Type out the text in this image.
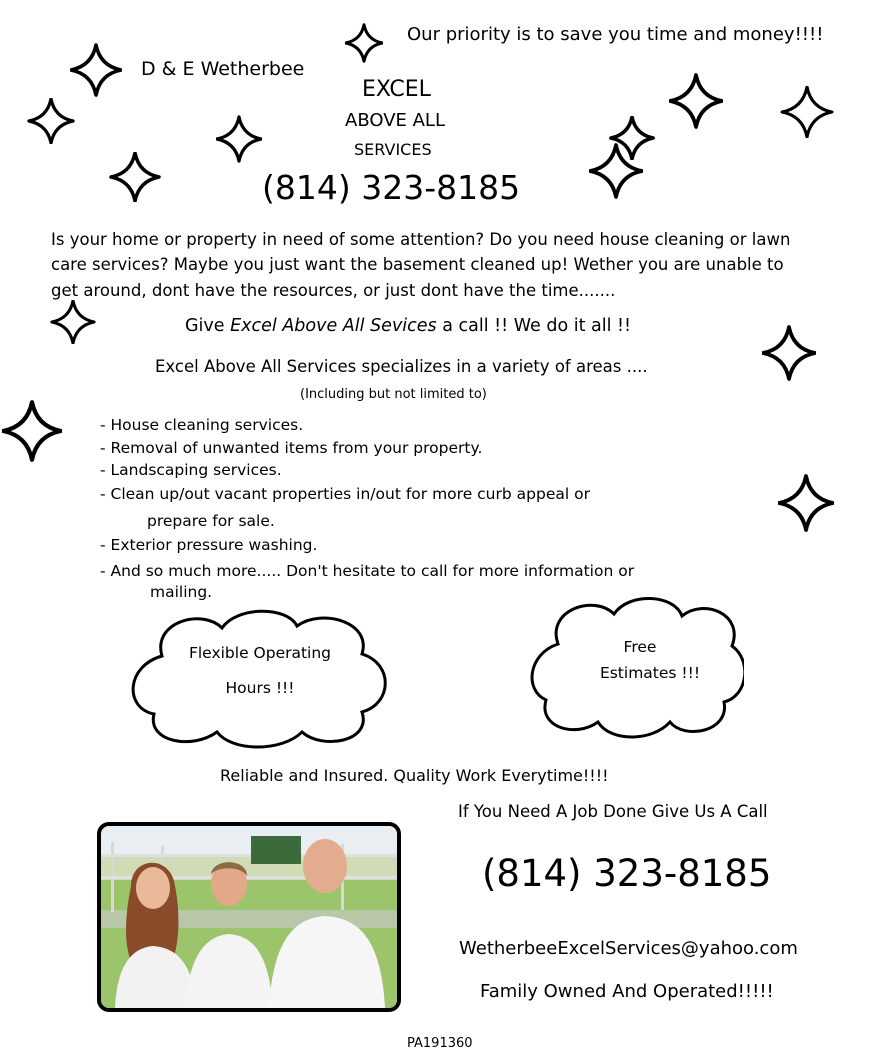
Our priority is to save you time and money!!!!
D & E Wetherbee
EXCEL
ABOVE ALL
SERVICES
(814) 323-8185
Is your home or property in need of some attention? Do you need house cleaning or lawn
care services? Maybe you just want the basement cleaned up! Wether you are unable to
get around, dont have the resources, or just dont have the time.......
Give Excel Above All Sevices a call !! We do it all !!
Excel Above All Services specializes in a variety of areas ....
(Including but not limited to)
- House cleaning services.
- Removal of unwanted items from your property.
- Landscaping services.
- Clean up/out vacant properties in/out for more curb appeal or
prepare for sale.
- Exterior pressure washing.
- And so much more..... Don't hesitate to call for more information or
mailing.
Flexible Operating
Hours !!!
Free
Estimates !!!
Reliable and Insured. Quality Work Everytime!!!!
If You Need A Job Done Give Us A Call
(814) 323-8185
WetherbeeExcelServices@yahoo.com
Family Owned And Operated!!!!!
PA191360
